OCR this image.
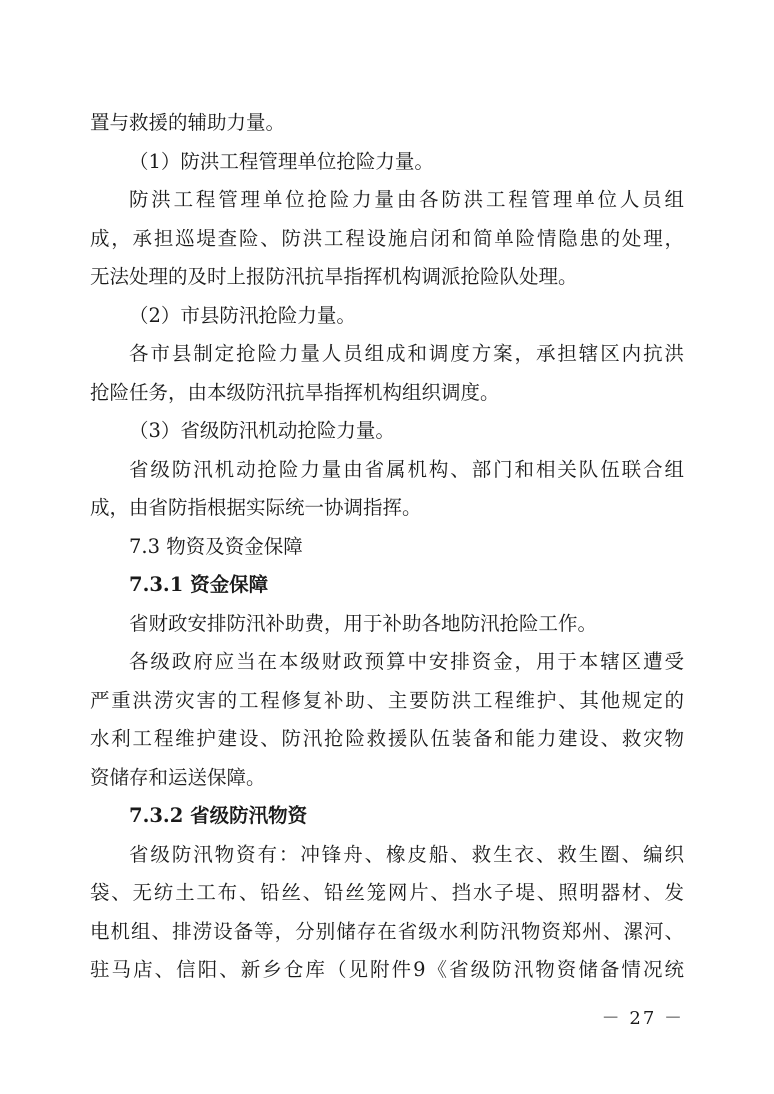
置与救援的辅助力量。
（1）防洪工程管理单位抢险力量。
防洪工程管理单位抢险力量由各防洪工程管理单位人员组
成，承担巡堤查险、防洪工程设施启闭和简单险情隐患的处理，
无法处理的及时上报防汛抗旱指挥机构调派抢险队处理。
（2）市县防汛抢险力量。
各市县制定抢险力量人员组成和调度方案，承担辖区内抗洪
抢险任务，由本级防汛抗旱指挥机构组织调度。
（3）省级防汛机动抢险力量。
省级防汛机动抢险力量由省属机构、部门和相关队伍联合组
成，由省防指根据实际统一协调指挥。
7.3 物资及资金保障
7.3.1 资金保障
省财政安排防汛补助费，用于补助各地防汛抢险工作。
各级政府应当在本级财政预算中安排资金，用于本辖区遭受
严重洪涝灾害的工程修复补助、主要防洪工程维护、其他规定的
水利工程维护建设、防汛抢险救援队伍装备和能力建设、救灾物
资储存和运送保障。
7.3.2 省级防汛物资
省级防汛物资有：冲锋舟、橡皮船、救生衣、救生圈、编织
袋、无纺土工布、铅丝、铅丝笼网片、挡水子堤、照明器材、发
电机组、排涝设备等，分别储存在省级水利防汛物资郑州、漯河、
驻马店、信阳、新乡仓库（见附件9《省级防汛物资储备情况统
－ 27 －
